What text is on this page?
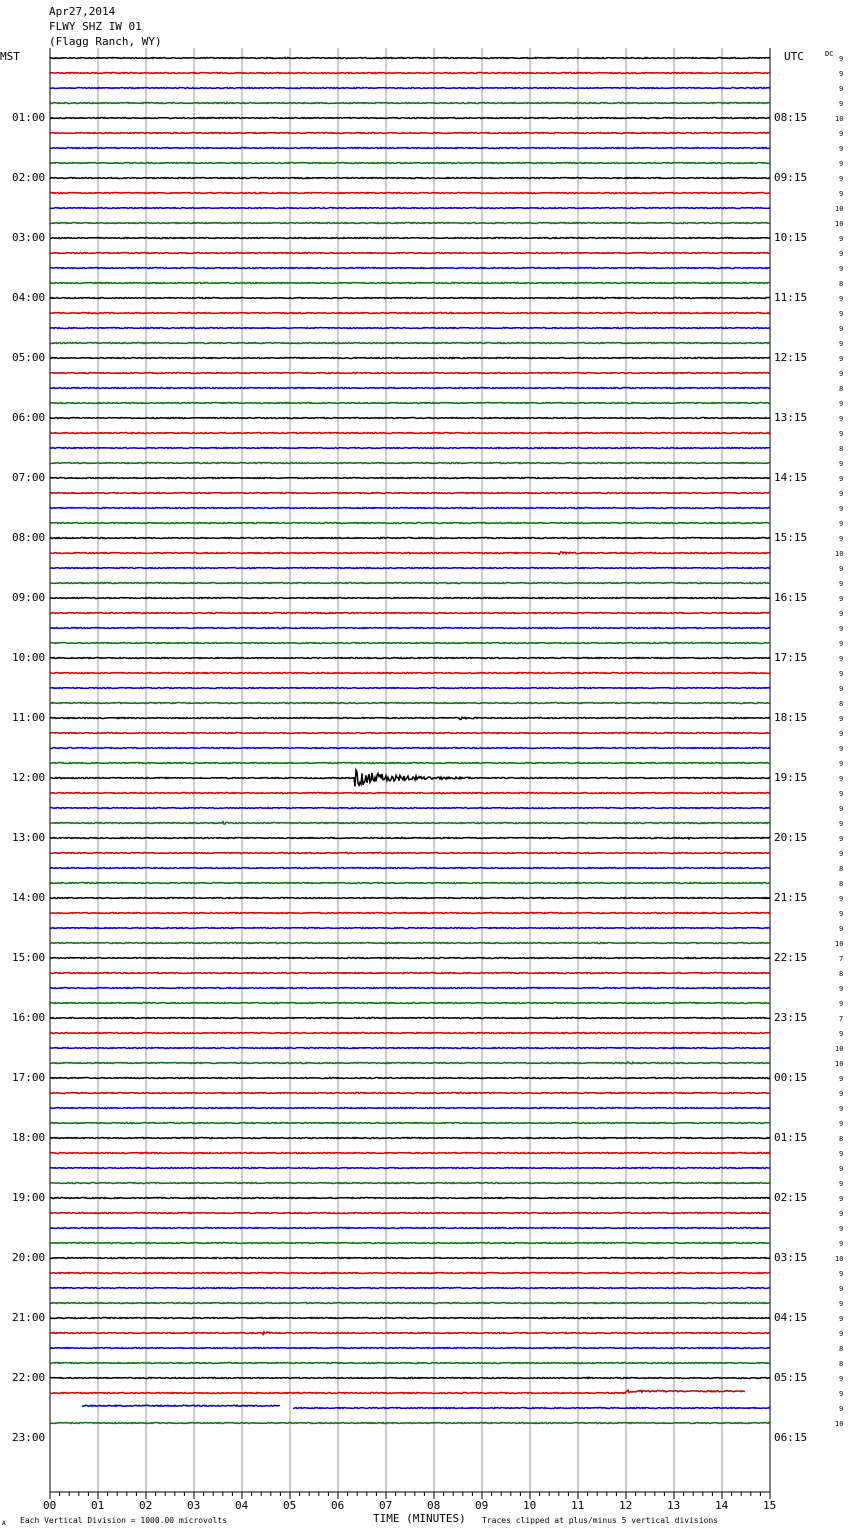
Apr27,2014
FLWY SHZ IW 01
(Flagg Ranch, WY)
MST	UTC	DC
01:00
02:00
03:00
04:00
05:00
06:00
07:00
08:00
09:00
10:00
11:00
12:00
13:00
14:00
15:00
16:00
17:00
18:00
19:00
20:00
21:00
22:00
23:00
08:15
09:15
10:15
11:15
12:15
13:15
14:15
15:15
16:15
17:15
18:15
19:15
20:15
21:15
22:15
23:15
00:15
01:15
02:15
03:15
04:15
05:15
06:15
9
9
9
9
10
9
9
9
9
9
10
10
9
9
9
8
9
9
9
9
9
9
8
9
9
9
8
9
9
9
9
9
9
10
9
9
9
9
9
9
9
9
9
8
9
9
9
9
9
9
9
9
9
9
8
8
9
9
9
10
7
8
9
9
7
9
10
10
9
9
9
9
8
9
9
9
9
9
9
9
10
9
9
9
9
9
8
8
9
9
9
10
00	01	02	03	04	05	06	07	08	09	10	11	12	13	14	15
A Each Vertical Division = 1000.00 microvolts	TIME (MINUTES) Traces clipped at plus/minus 5 vertical divisions
